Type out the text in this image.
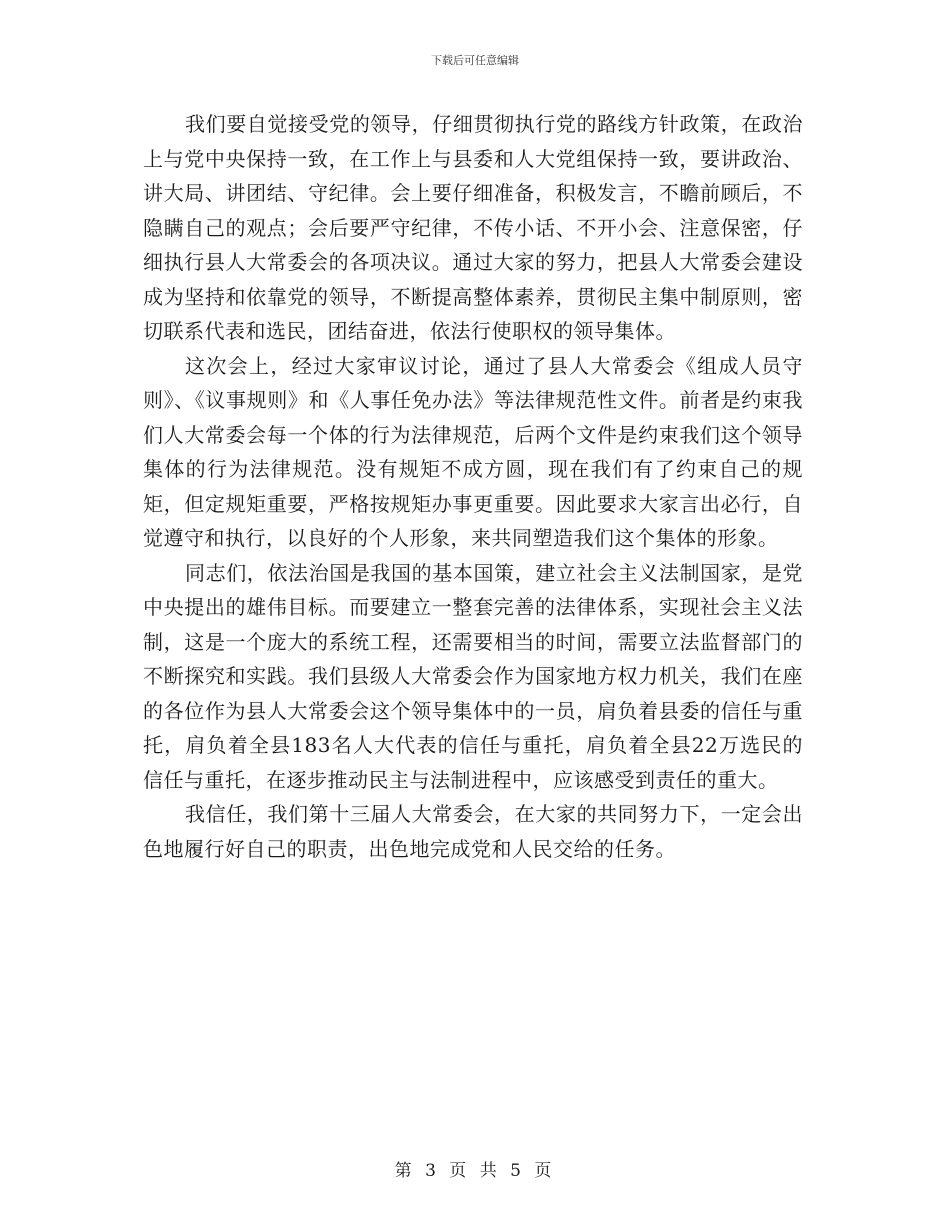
下载后可任意编辑

我们要自觉接受党的领导，仔细贯彻执行党的路线方针政策，在政治上与党中央保持一致，在工作上与县委和人大党组保持一致，要讲政治、讲大局、讲团结、守纪律。会上要仔细准备，积极发言，不瞻前顾后，不隐瞒自己的观点；会后要严守纪律，不传小话、不开小会、注意保密，仔细执行县人大常委会的各项决议。通过大家的努力，把县人大常委会建设成为坚持和依靠党的领导，不断提高整体素养，贯彻民主集中制原则，密切联系代表和选民，团结奋进，依法行使职权的领导集体。

这次会上，经过大家审议讨论，通过了县人大常委会《组成人员守则》、《议事规则》和《人事任免办法》等法律规范性文件。前者是约束我们人大常委会每一个体的行为法律规范，后两个文件是约束我们这个领导集体的行为法律规范。没有规矩不成方圆，现在我们有了约束自己的规矩，但定规矩重要，严格按规矩办事更重要。因此要求大家言出必行，自觉遵守和执行，以良好的个人形象，来共同塑造我们这个集体的形象。

同志们，依法治国是我国的基本国策，建立社会主义法制国家，是党中央提出的雄伟目标。而要建立一整套完善的法律体系，实现社会主义法制，这是一个庞大的系统工程，还需要相当的时间，需要立法监督部门的不断探究和实践。我们县级人大常委会作为国家地方权力机关，我们在座的各位作为县人大常委会这个领导集体中的一员，肩负着县委的信任与重托，肩负着全县183名人大代表的信任与重托，肩负着全县22万选民的信任与重托，在逐步推动民主与法制进程中，应该感受到责任的重大。

我信任，我们第十三届人大常委会，在大家的共同努力下，一定会出色地履行好自己的职责，出色地完成党和人民交给的任务。

第 3 页 共 5 页
